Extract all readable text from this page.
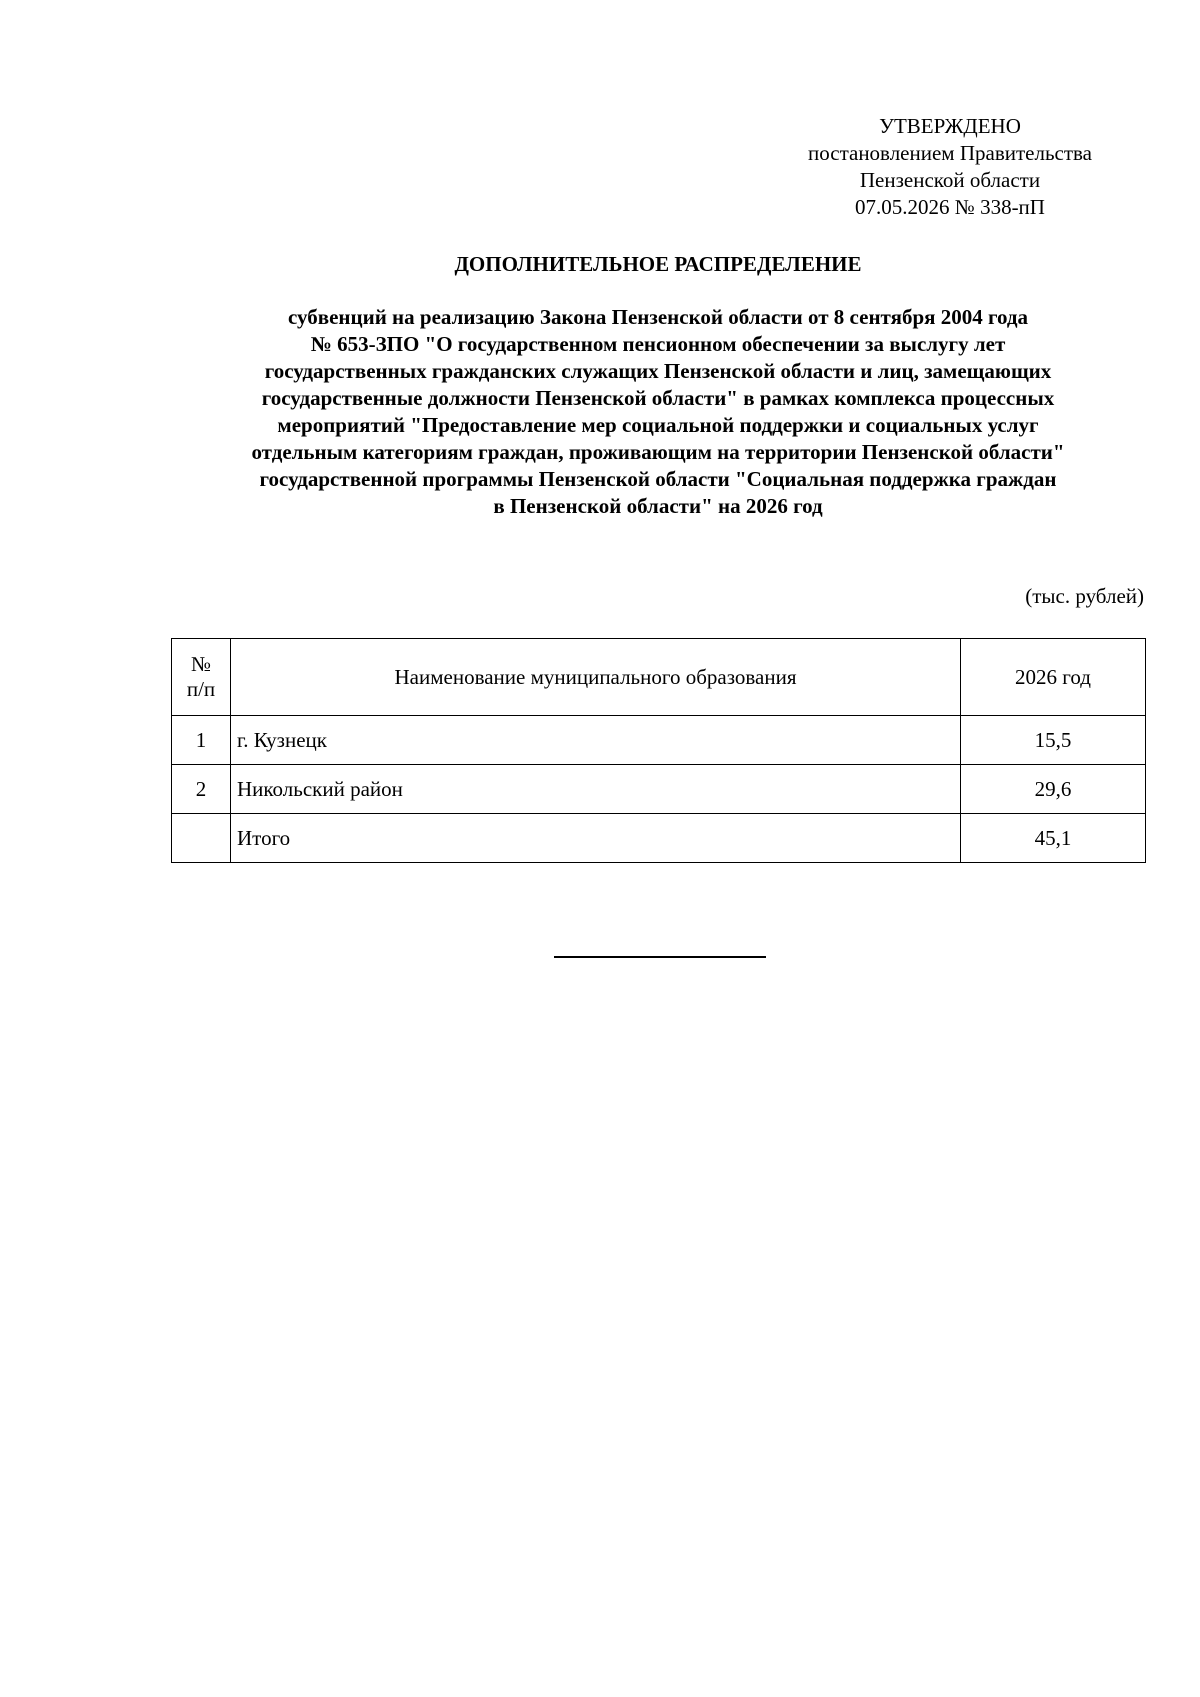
УТВЕРЖДЕНО
постановлением Правительства
Пензенской области
07.05.2026 № 338-пП
ДОПОЛНИТЕЛЬНОЕ РАСПРЕДЕЛЕНИЕ
субвенций на реализацию Закона Пензенской области от 8 сентября 2004 года
№ 653-ЗПО "О государственном пенсионном обеспечении за выслугу лет
государственных гражданских служащих Пензенской области и лиц, замещающих
государственные должности Пензенской области" в рамках комплекса процессных
мероприятий "Предоставление мер социальной поддержки и социальных услуг
отдельным категориям граждан, проживающим на территории Пензенской области"
государственной программы Пензенской области "Социальная поддержка граждан
в Пензенской области" на 2026 год
(тыс. рублей)
№
п/п	Наименование муниципального образования	2026 год
1	г. Кузнецк	15,5
2	Никольский район	29,6
	Итого	45,1
